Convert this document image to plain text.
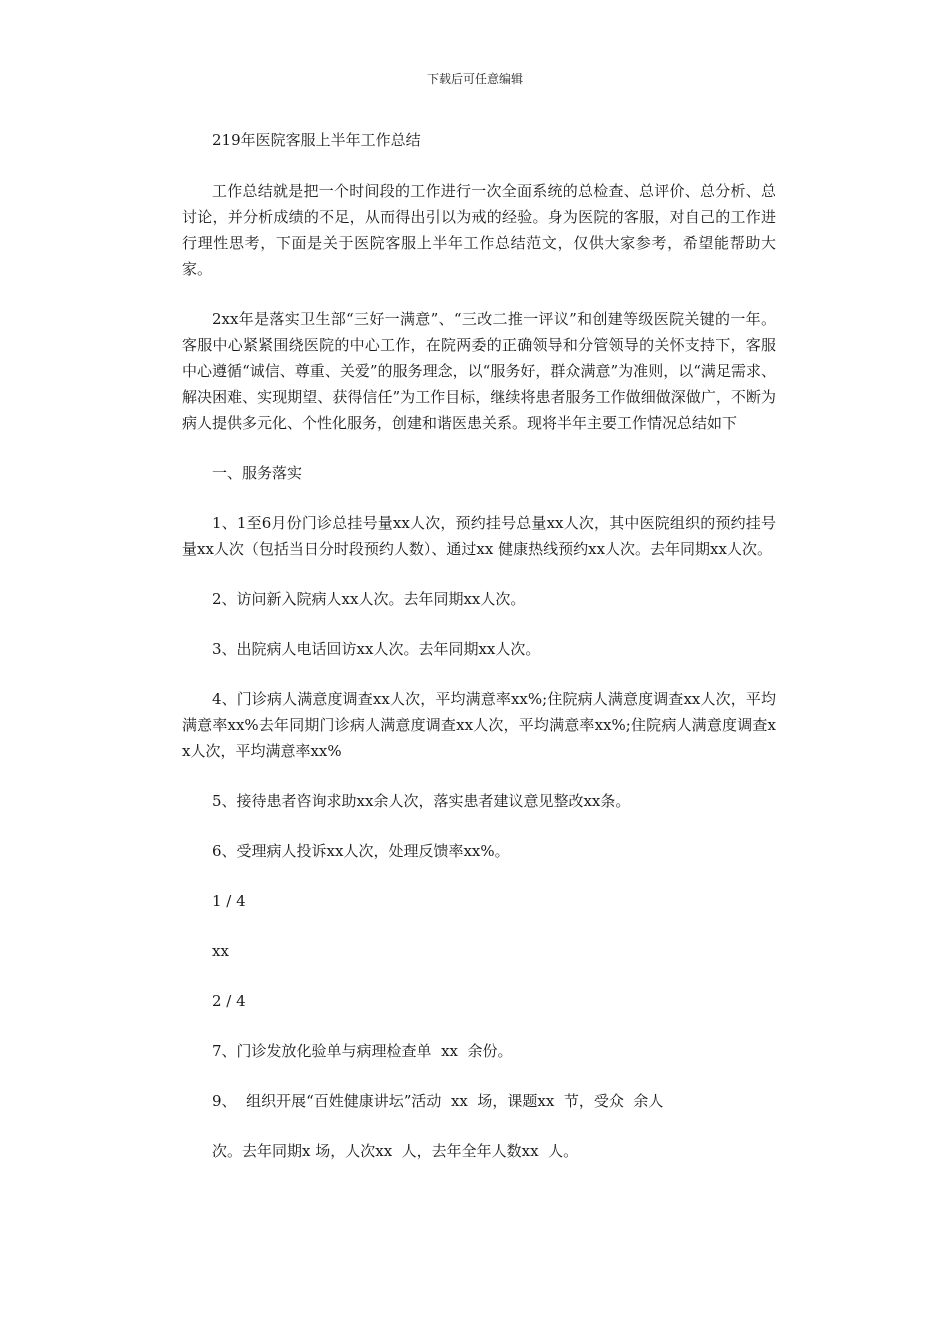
下载后可任意编辑

219年医院客服上半年工作总结

工作总结就是把一个时间段的工作进行一次全面系统的总检查、总评价、总分析、总讨论，并分析成绩的不足，从而得出引以为戒的经验。身为医院的客服，对自己的工作进行理性思考，下面是关于医院客服上半年工作总结范文，仅供大家参考，希望能帮助大家。

2xx年是落实卫生部“三好一满意”、“三改二推一评议”和创建等级医院关键的一年。客服中心紧紧围绕医院的中心工作，在院两委的正确领导和分管领导的关怀支持下，客服中心遵循“诚信、尊重、关爱”的服务理念，以“服务好，群众满意”为准则，以“满足需求、解决困难、实现期望、获得信任”为工作目标，继续将患者服务工作做细做深做广，不断为病人提供多元化、个性化服务，创建和谐医患关系。现将半年主要工作情况总结如下

一、服务落实

1、1至6月份门诊总挂号量xx人次，预约挂号总量xx人次，其中医院组织的预约挂号量xx人次（包括当日分时段预约人数）、通过xx 健康热线预约xx人次。去年同期xx人次。

2、访问新入院病人xx人次。去年同期xx人次。

3、出院病人电话回访xx人次。去年同期xx人次。

4、门诊病人满意度调查xx人次，平均满意率xx%;住院病人满意度调查xx人次，平均满意率xx%去年同期门诊病人满意度调查xx人次，平均满意率xx%;住院病人满意度调查xx人次，平均满意率xx%

5、接待患者咨询求助xx余人次，落实患者建议意见整改xx条。

6、受理病人投诉xx人次，处理反馈率xx%。

1 / 4

xx

2 / 4

7、门诊发放化验单与病理检查单  xx  余份。

9、  组织开展“百姓健康讲坛”活动  xx  场，课题xx  节，受众  余人

次。去年同期x 场，人次xx  人，去年全年人数xx  人。
